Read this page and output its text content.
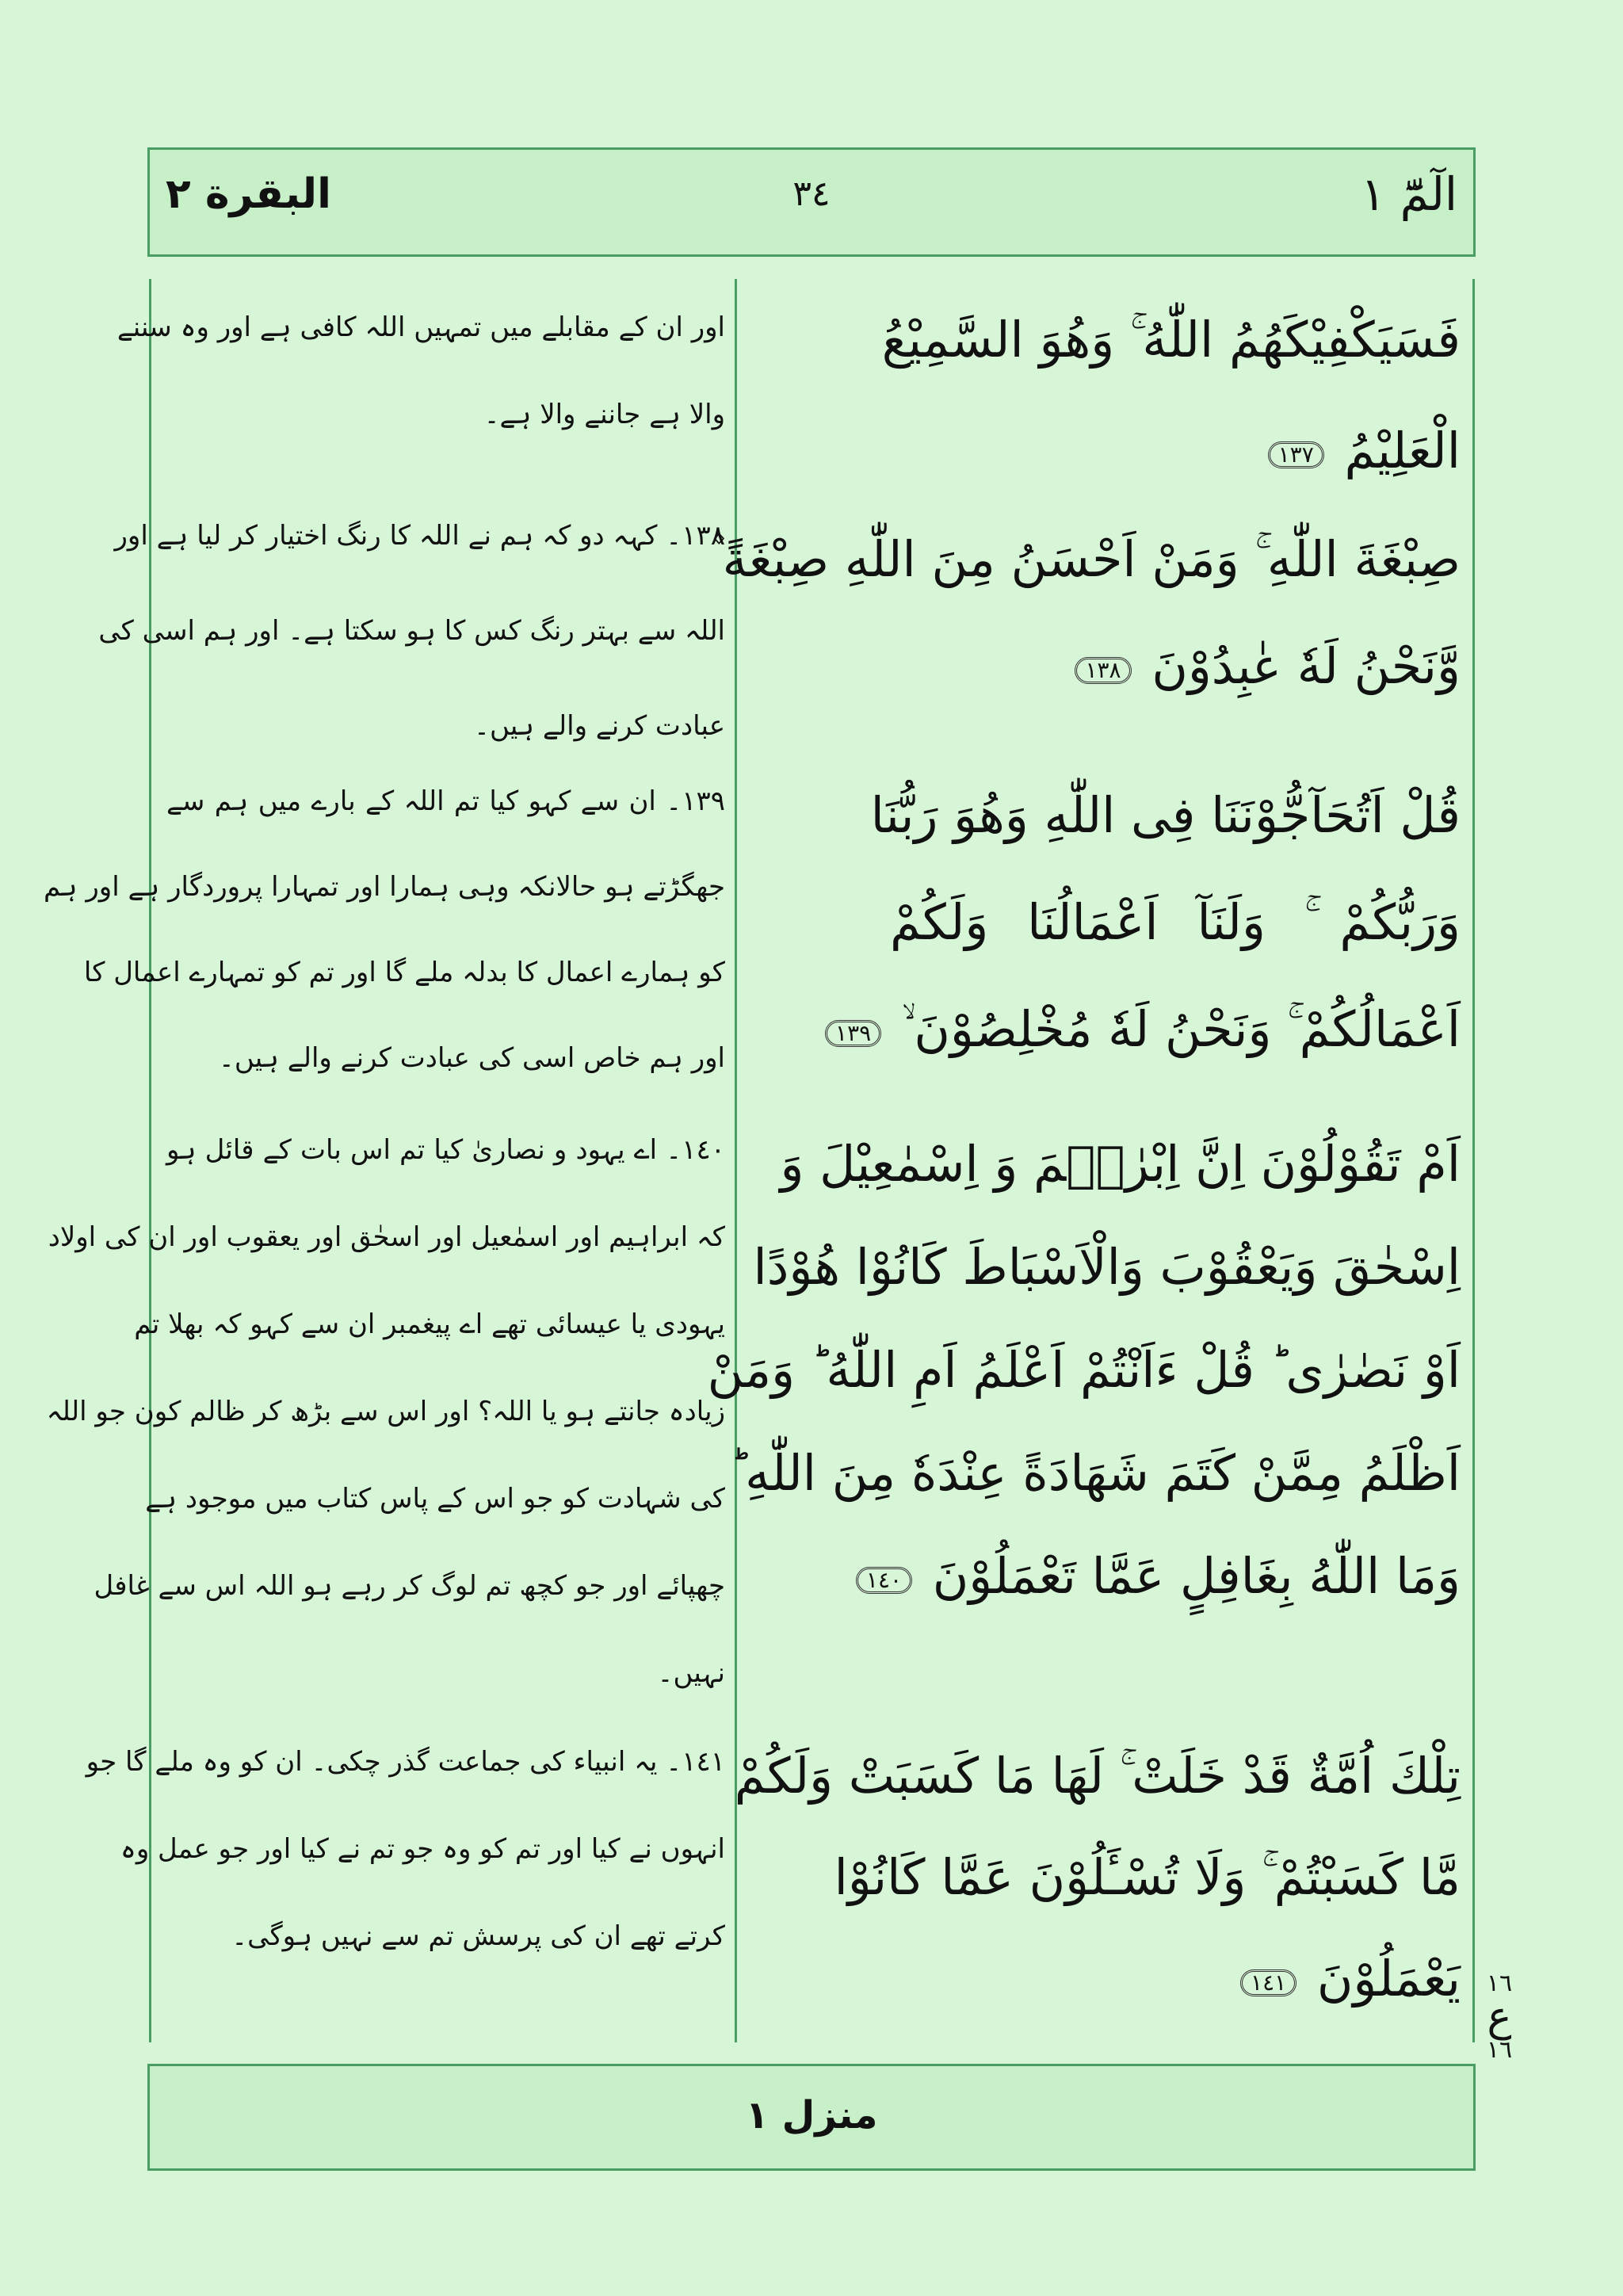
الٓمّٓ ١
٣٤
البقرة ٢
فَسَيَكْفِيْكَهُمُ اللّٰهُ ۚ وَهُوَ السَّمِيْعُ
الْعَلِيْمُ ١٣٧
اور ان کے مقابلے میں تمہیں اللہ کافی ہے اور وہ سننے
والا ہے جاننے والا ہے۔
صِبْغَةَ اللّٰهِ ۚ وَمَنْ اَحْسَنُ مِنَ اللّٰهِ صِبْغَةً ۫
وَّنَحْنُ لَهٗ عٰبِدُوْنَ ١٣٨
١٣٨۔ کہہ دو کہ ہم نے اللہ کا رنگ اختیار کر لیا ہے اور
اللہ سے بہتر رنگ کس کا ہو سکتا ہے۔ اور ہم اسی کی
عبادت کرنے والے ہیں۔
قُلْ اَتُحَآجُّوْنَنَا فِى اللّٰهِ وَهُوَ رَبُّنَا
وَرَبُّكُمْ ۚ وَلَنَآ اَعْمَالُنَا وَلَكُمْ
اَعْمَالُكُمْ ۚ وَنَحْنُ لَهٗ مُخْلِصُوْنَ ۙ ١٣٩
١٣٩۔ ان سے کہو کیا تم اللہ کے بارے میں ہم سے
جھگڑتے ہو حالانکہ وہی ہمارا اور تمہارا پروردگار ہے اور ہم
کو ہمارے اعمال کا بدلہ ملے گا اور تم کو تمہارے اعمال کا
اور ہم خاص اسی کی عبادت کرنے والے ہیں۔
اَمْ تَقُوْلُوْنَ اِنَّ اِبْرٰهٖمَ وَ اِسْمٰعِيْلَ وَ
اِسْحٰقَ وَيَعْقُوْبَ وَالْاَسْبَاطَ كَانُوْا هُوْدًا
اَوْ نَصٰرٰى ؕ قُلْ ءَاَنْتُمْ اَعْلَمُ اَمِ اللّٰهُ ؕ وَمَنْ
اَظْلَمُ مِمَّنْ كَتَمَ شَهَادَةً عِنْدَهٗ مِنَ اللّٰهِ ؕ
وَمَا اللّٰهُ بِغَافِلٍ عَمَّا تَعْمَلُوْنَ ١٤٠
١٤٠۔ اے یہود و نصاریٰ کیا تم اس بات کے قائل ہو
کہ ابراہیم اور اسمٰعیل اور اسحٰق اور یعقوب اور ان کی اولاد
یہودی یا عیسائی تھے اے پیغمبر ان سے کہو کہ بھلا تم
زیادہ جانتے ہو یا اللہ؟ اور اس سے بڑھ کر ظالم کون جو اللہ
کی شہادت کو جو اس کے پاس کتاب میں موجود ہے
چھپائے اور جو کچھ تم لوگ کر رہے ہو اللہ اس سے غافل
نہیں۔
تِلْكَ اُمَّةٌ قَدْ خَلَتْ ۚ لَهَا مَا كَسَبَتْ وَلَكُمْ
مَّا كَسَبْتُمْ ۚ وَلَا تُسْـَٔلُوْنَ عَمَّا كَانُوْا
يَعْمَلُوْنَ ١٤١
١٤١۔ یہ انبیاء کی جماعت گذر چکی۔ ان کو وہ ملے گا جو
انہوں نے کیا اور تم کو وہ جو تم نے کیا اور جو عمل وہ
کرتے تھے ان کی پرسش تم سے نہیں ہوگی۔
١٦
ع
١٦
منزل ١
